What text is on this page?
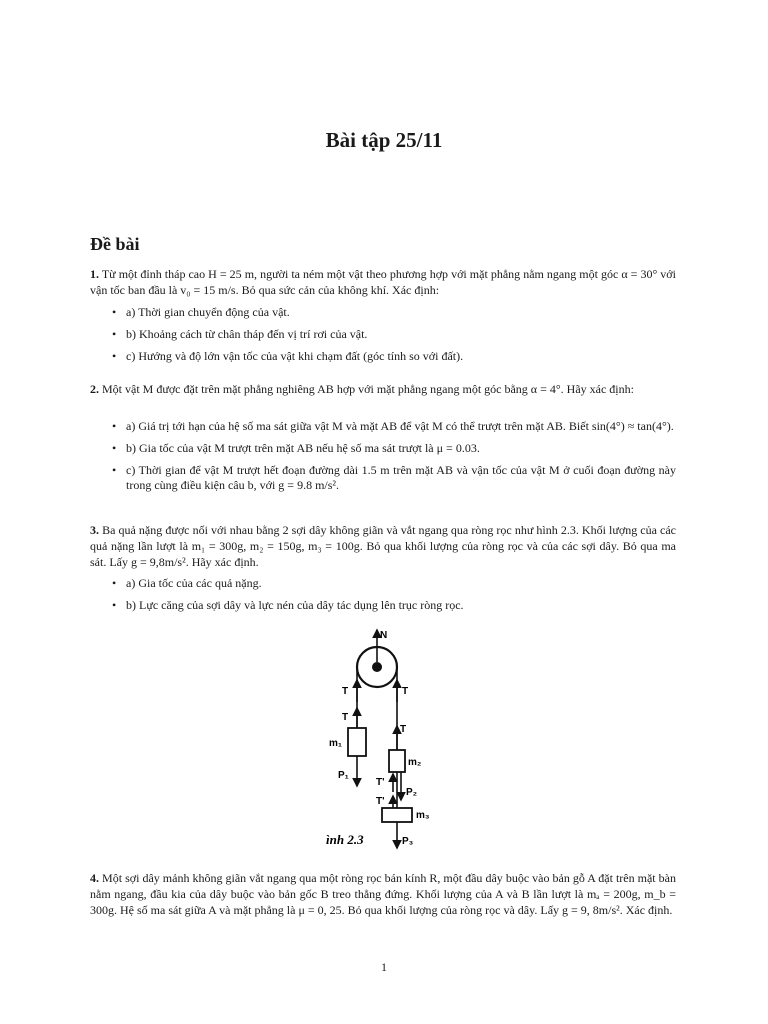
Bài tập 25/11
Đề bài
1. Từ một đỉnh tháp cao H = 25 m, người ta ném một vật theo phương hợp với mặt phẳng nằm ngang một góc α = 30° với vận tốc ban đầu là v₀ = 15 m/s. Bỏ qua sức cản của không khí. Xác định:
• a) Thời gian chuyển động của vật.
• b) Khoảng cách từ chân tháp đến vị trí rơi của vật.
• c) Hướng và độ lớn vận tốc của vật khi chạm đất (góc tính so với đất).
2. Một vật M được đặt trên mặt phẳng nghiêng AB hợp với mặt phẳng ngang một góc bằng α = 4°. Hãy xác định:
• a) Giá trị tới hạn của hệ số ma sát giữa vật M và mặt AB để vật M có thể trượt trên mặt AB. Biết sin(4°) ≈ tan(4°).
• b) Gia tốc của vật M trượt trên mặt AB nếu hệ số ma sát trượt là μ = 0.03.
• c) Thời gian để vật M trượt hết đoạn đường dài 1.5 m trên mặt AB và vận tốc của vật M ở cuối đoạn đường này trong cùng điều kiện câu b, với g = 9.8 m/s².
3. Ba quả nặng được nối với nhau bằng 2 sợi dây không giãn và vắt ngang qua ròng rọc như hình 2.3. Khối lượng của các quả nặng lần lượt là m₁ = 300g, m₂ = 150g, m₃ = 100g. Bỏ qua khối lượng của ròng rọc và của các sợi dây. Bỏ qua ma sát. Lấy g = 9,8m/s². Hãy xác định.
• a) Gia tốc của các quả nặng.
• b) Lực căng của sợi dây và lực nén của dây tác dụng lên trục ròng rọc.
N
T	T
T
T
m₁
P₁
m₂
P₂
T'
T'
m₃
P₃
ình 2.3
4. Một sợi dây mảnh không giãn vắt ngang qua một ròng rọc bán kính R, một đầu dây buộc vào bản gỗ A đặt trên mặt bàn nằm ngang, đầu kia của dây buộc vào bản gốc B treo thẳng đứng. Khối lượng của A và B lần lượt là mₐ = 200g, m_b = 300g. Hệ số ma sát giữa A và mặt phẳng là μ = 0, 25. Bỏ qua khối lượng của ròng rọc và dây. Lấy g = 9, 8m/s². Xác định.
1
